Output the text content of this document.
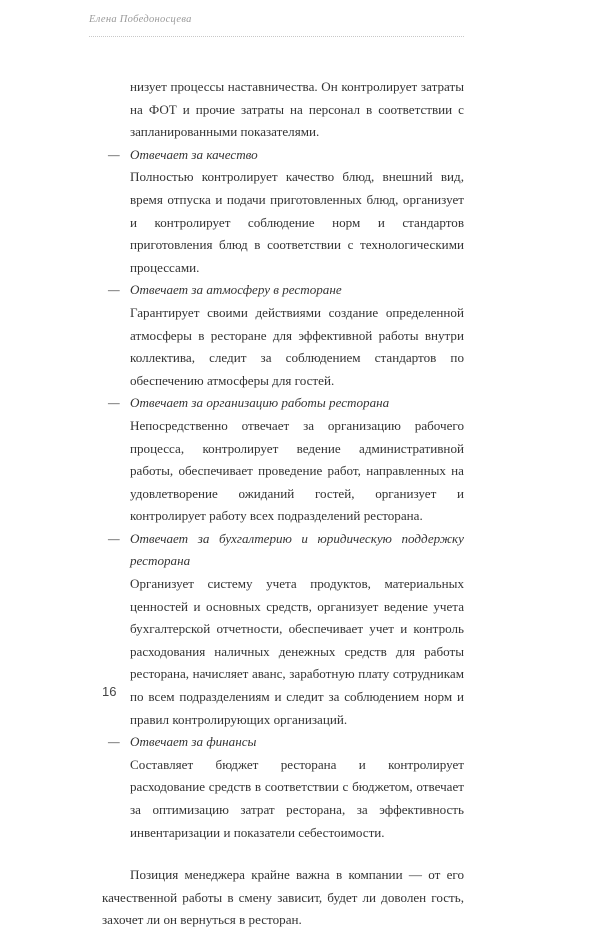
Елена Победоносцева

низует процессы наставничества. Он контролирует затраты на ФОТ и прочие затраты на персонал в соответствии с запланированными показателями.

— Отвечает за качество

Полностью контролирует качество блюд, внешний вид, время отпуска и подачи приготовленных блюд, организует и контролирует соблюдение норм и стандартов приготовления блюд в соответствии с технологическими процессами.

— Отвечает за атмосферу в ресторане

Гарантирует своими действиями создание определенной атмосферы в ресторане для эффективной работы внутри коллектива, следит за соблюдением стандартов по обеспечению атмосферы для гостей.

— Отвечает за организацию работы ресторана

Непосредственно отвечает за организацию рабочего процесса, контролирует ведение административной работы, обеспечивает проведение работ, направленных на удовлетворение ожиданий гостей, организует и контролирует работу всех подразделений ресторана.

— Отвечает за бухгалтерию и юридическую поддержку ресторана

Организует систему учета продуктов, материальных ценностей и основных средств, организует ведение учета бухгалтерской отчетности, обеспечивает учет и контроль расходования наличных денежных средств для работы ресторана, начисляет аванс, заработную плату сотрудникам по всем подразделениям и следит за соблюдением норм и правил контролирующих организаций.

— Отвечает за финансы

Составляет бюджет ресторана и контролирует расходование средств в соответствии с бюджетом, отвечает за оптимизацию затрат ресторана, за эффективность инвентаризации и показатели себестоимости.

Позиция менеджера крайне важна в компании — от его качественной работы в смену зависит, будет ли доволен гость, захочет ли он вернуться в ресторан.

16
